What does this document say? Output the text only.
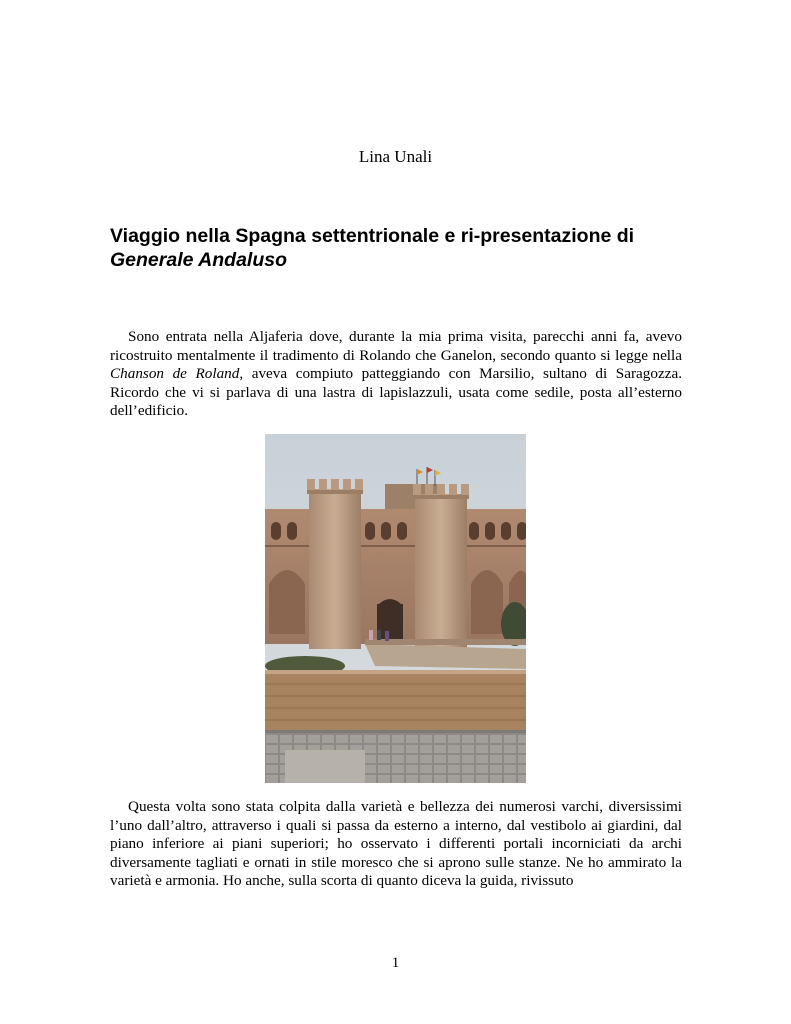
Lina Unali
Viaggio nella Spagna settentrionale e ri-presentazione di
Generale Andaluso

Sono entrata nella Aljaferia dove, durante la mia prima visita, parecchi anni fa, avevo ricostruito mentalmente il tradimento di Rolando che Ganelon, secondo quanto si legge nella Chanson de Roland, aveva compiuto patteggiando con Marsilio, sultano di Saragozza. Ricordo che vi si parlava di una lastra di lapislazzuli, usata come sedile, posta all’esterno dell’edificio.

Questa volta sono stata colpita dalla varietà e bellezza dei numerosi varchi, diversissimi l’uno dall’altro, attraverso i quali si passa da esterno a interno, dal vestibolo ai giardini, dal piano inferiore ai piani superiori; ho osservato i differenti portali incorniciati da archi diversamente tagliati e ornati in stile moresco che si aprono sulle stanze. Ne ho ammirato la varietà e armonia. Ho anche, sulla scorta di quanto diceva la guida, rivissuto

1
